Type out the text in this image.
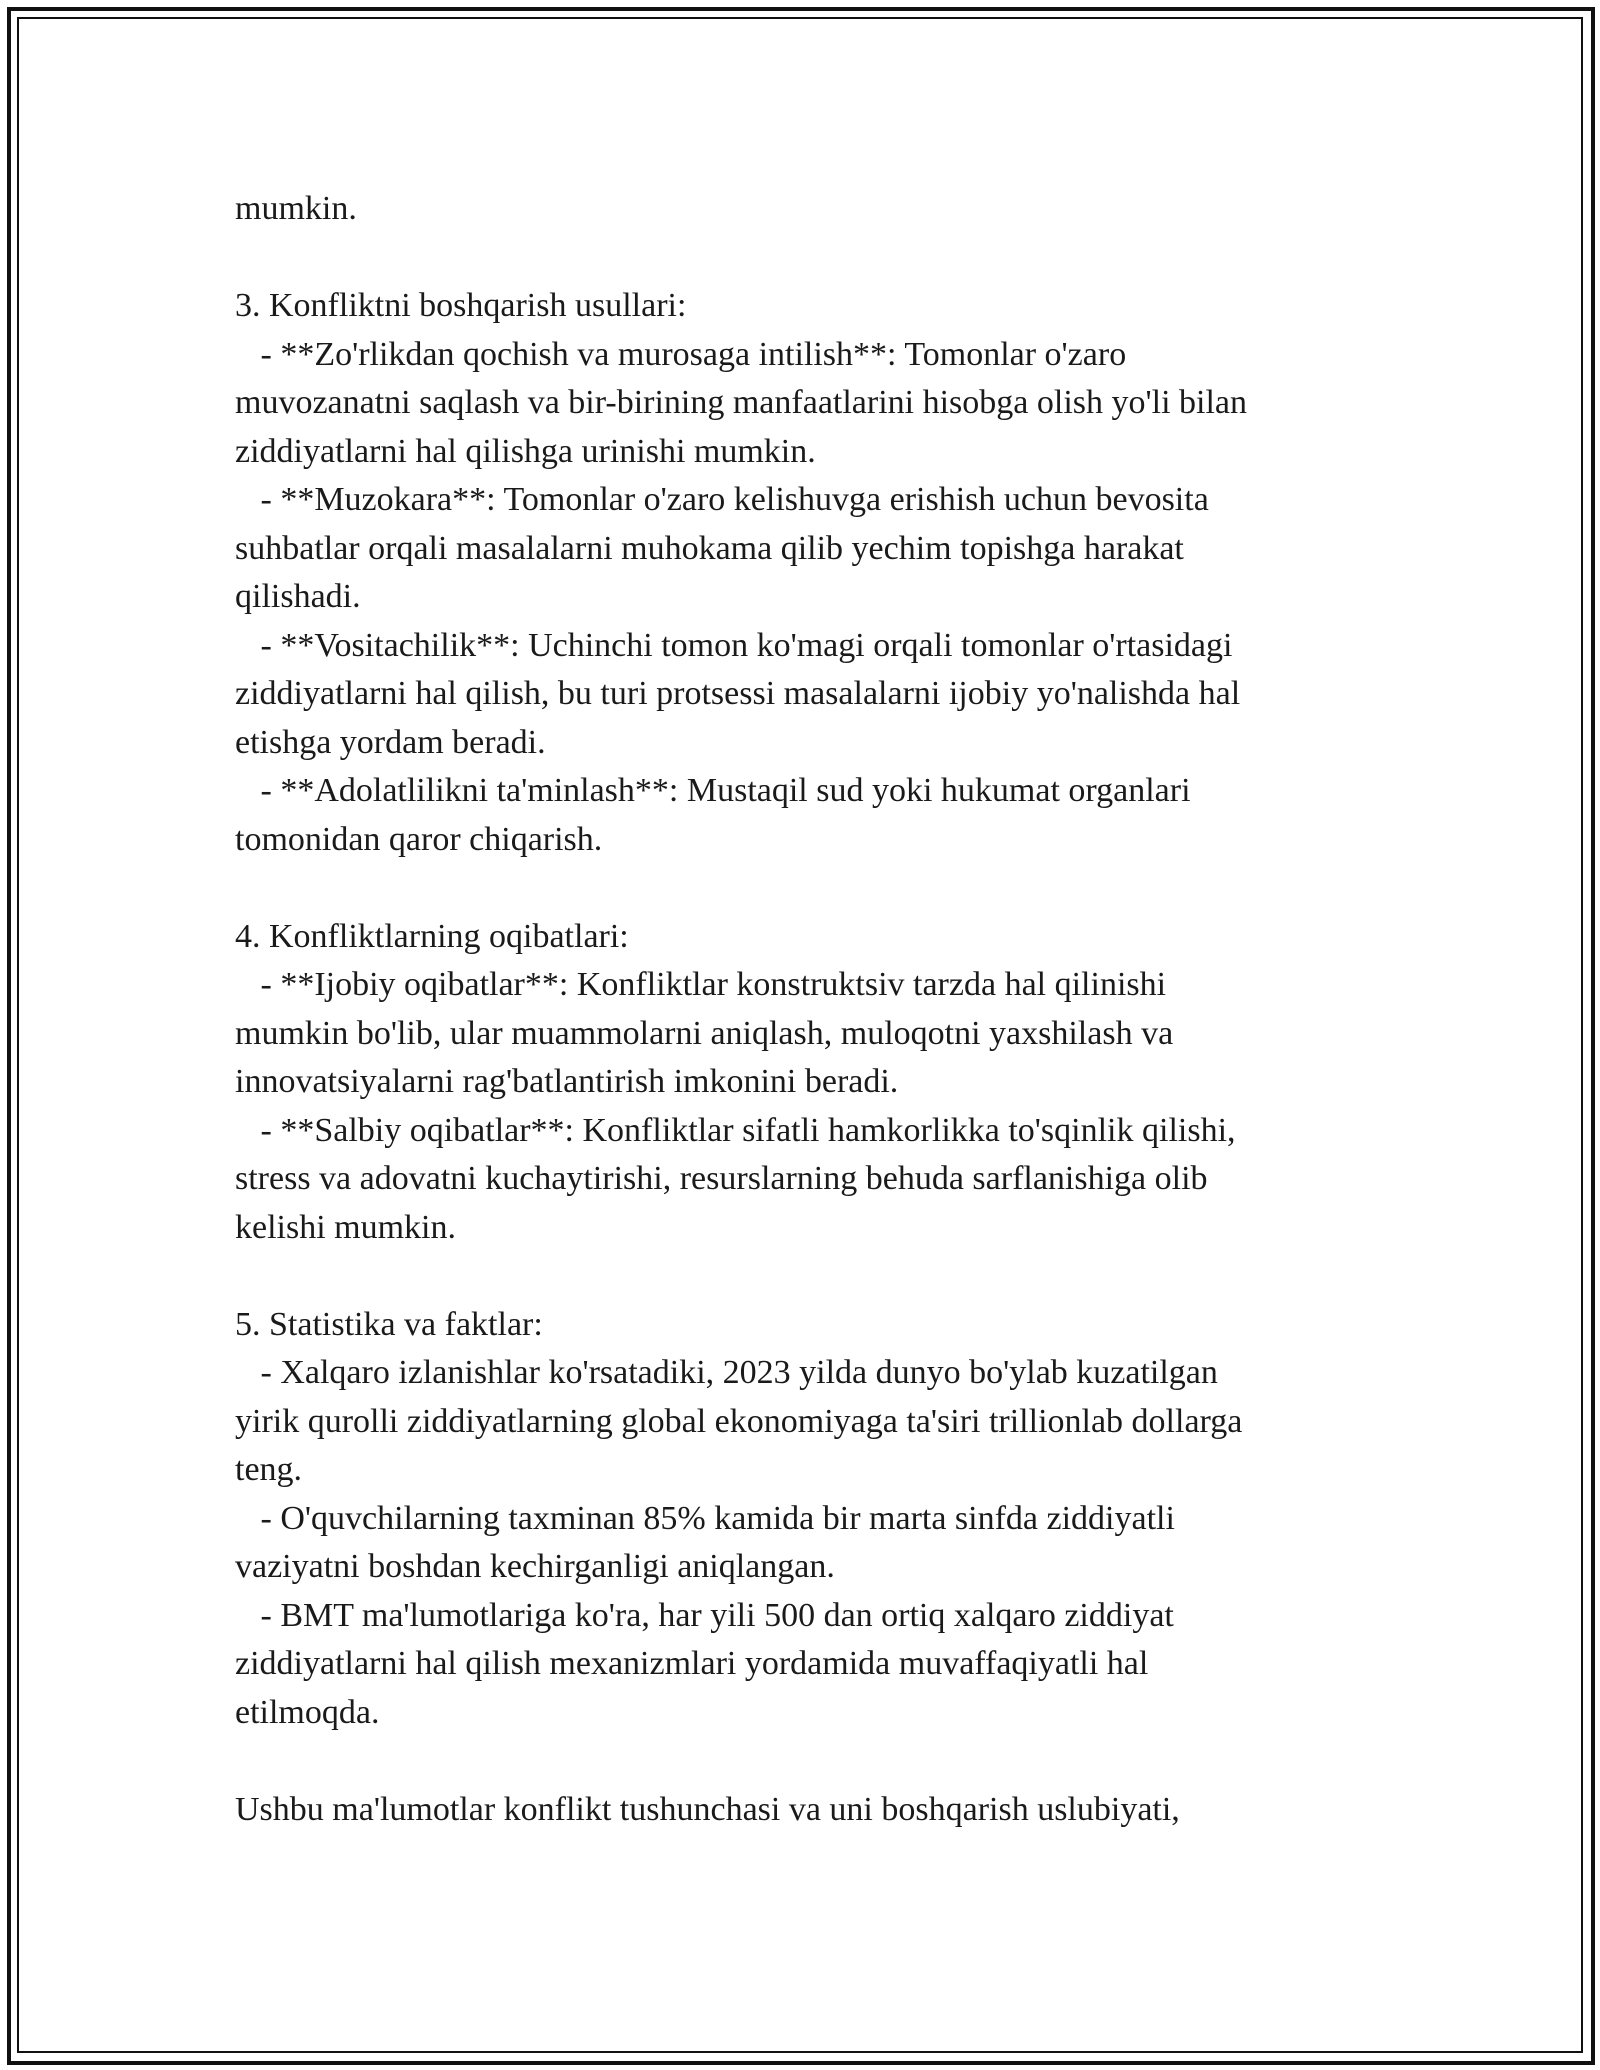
mumkin.
3. Konfliktni boshqarish usullari:
- **Zo'rlikdan qochish va murosaga intilish**: Tomonlar o'zaro
muvozanatni saqlash va bir-birining manfaatlarini hisobga olish yo'li bilan
ziddiyatlarni hal qilishga urinishi mumkin.
- **Muzokara**: Tomonlar o'zaro kelishuvga erishish uchun bevosita
suhbatlar orqali masalalarni muhokama qilib yechim topishga harakat
qilishadi.
- **Vositachilik**: Uchinchi tomon ko'magi orqali tomonlar o'rtasidagi
ziddiyatlarni hal qilish, bu turi protsessi masalalarni ijobiy yo'nalishda hal
etishga yordam beradi.
- **Adolatlilikni ta'minlash**: Mustaqil sud yoki hukumat organlari
tomonidan qaror chiqarish.
4. Konfliktlarning oqibatlari:
- **Ijobiy oqibatlar**: Konfliktlar konstruktsiv tarzda hal qilinishi
mumkin bo'lib, ular muammolarni aniqlash, muloqotni yaxshilash va
innovatsiyalarni rag'batlantirish imkonini beradi.
- **Salbiy oqibatlar**: Konfliktlar sifatli hamkorlikka to'sqinlik qilishi,
stress va adovatni kuchaytirishi, resurslarning behuda sarflanishiga olib
kelishi mumkin.
5. Statistika va faktlar:
- Xalqaro izlanishlar ko'rsatadiki, 2023 yilda dunyo bo'ylab kuzatilgan
yirik qurolli ziddiyatlarning global ekonomiyaga ta'siri trillionlab dollarga
teng.
- O'quvchilarning taxminan 85% kamida bir marta sinfda ziddiyatli
vaziyatni boshdan kechirganligi aniqlangan.
- BMT ma'lumotlariga ko'ra, har yili 500 dan ortiq xalqaro ziddiyat
ziddiyatlarni hal qilish mexanizmlari yordamida muvaffaqiyatli hal
etilmoqda.
Ushbu ma'lumotlar konflikt tushunchasi va uni boshqarish uslubiyati,
